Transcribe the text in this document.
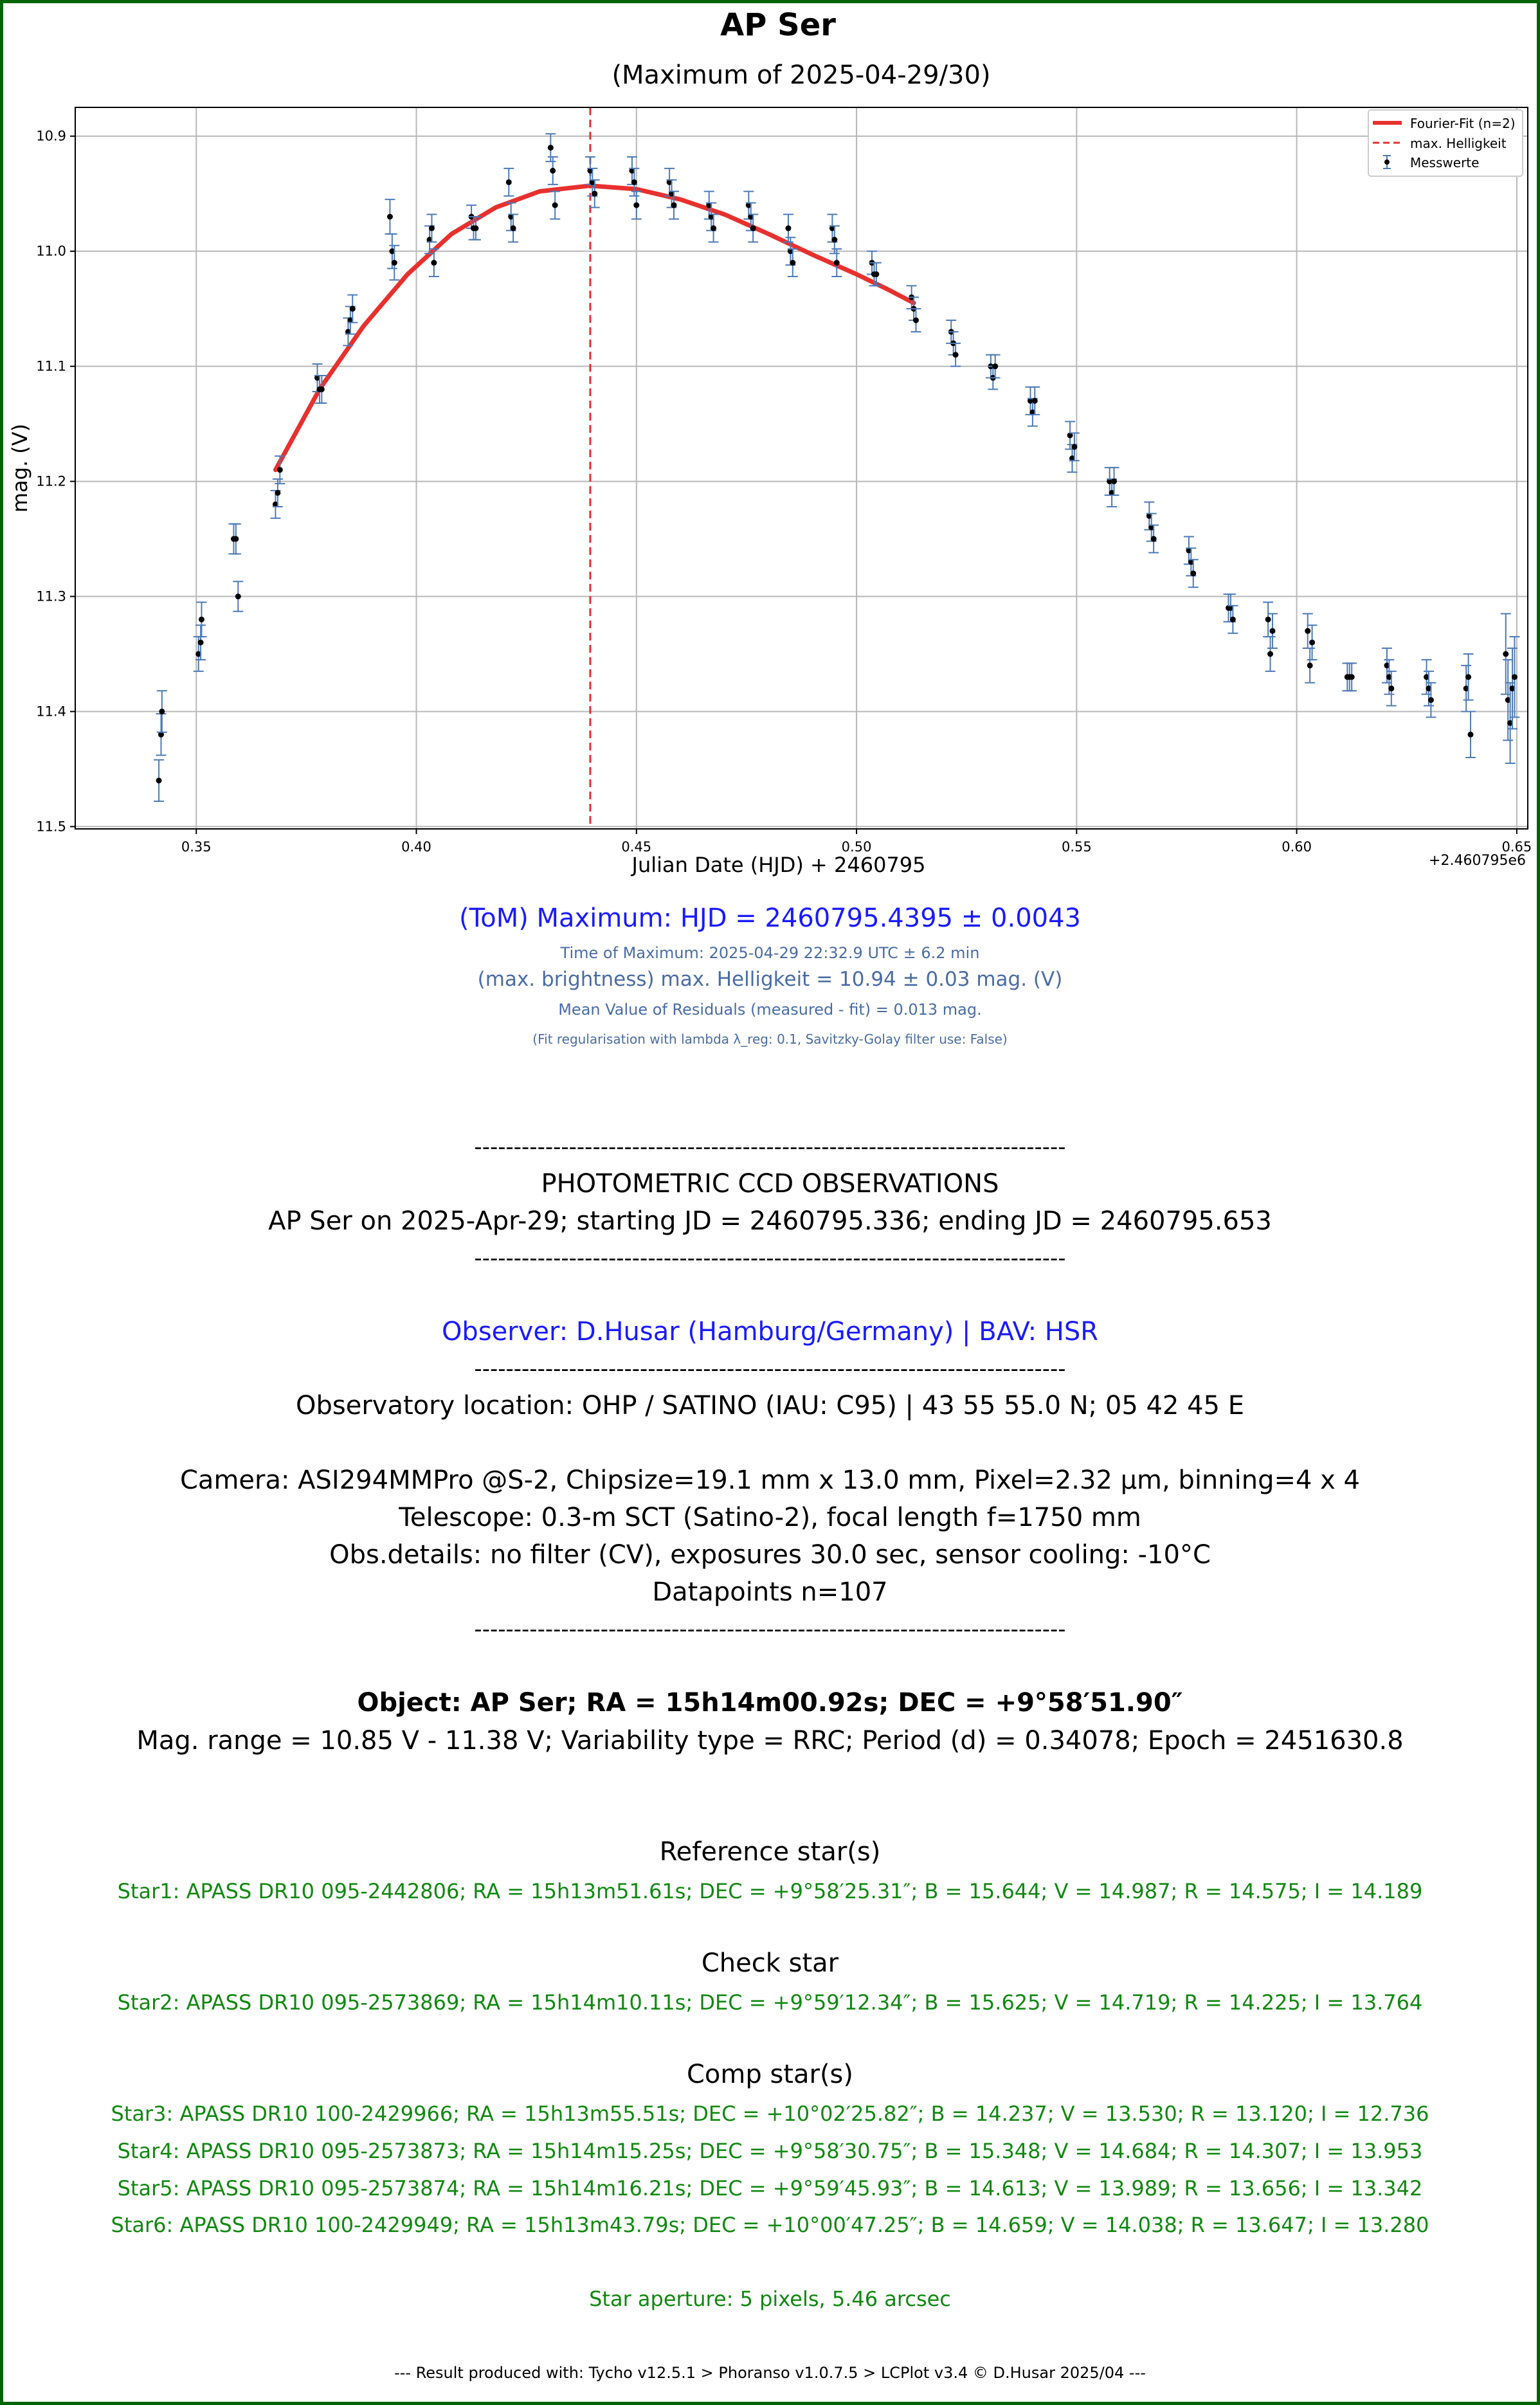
AP Ser
(Maximum of 2025-04-29/30)
0.35	0.40	0.45	0.50	0.55	0.60	0.65
10.9
11.0
11.1
11.2
11.3
11.4
11.5
Julian Date (HJD) + 2460795	+2.460795e6
mag. (V)
Fourier-Fit (n=2)
max. Helligkeit
Messwerte
(ToM) Maximum: HJD = 2460795.4395 ± 0.0043
Time of Maximum: 2025-04-29 22:32.9 UTC ± 6.2 min
(max. brightness) max. Helligkeit = 10.94 ± 0.03 mag. (V)
Mean Value of Residuals (measured - fit) = 0.013 mag.
(Fit regularisation with lambda λ_reg: 0.1, Savitzky-Golay filter use: False)
---------------------------------------------------------------------------
PHOTOMETRIC CCD OBSERVATIONS
AP Ser on 2025-Apr-29; starting JD = 2460795.336; ending JD = 2460795.653
---------------------------------------------------------------------------
Observer: D.Husar (Hamburg/Germany) | BAV: HSR
---------------------------------------------------------------------------
Observatory location: OHP / SATINO (IAU: C95) | 43 55 55.0 N; 05 42 45 E
Camera: ASI294MMPro @S-2, Chipsize=19.1 mm x 13.0 mm, Pixel=2.32 µm, binning=4 x 4
Telescope: 0.3-m SCT (Satino-2), focal length f=1750 mm
Obs.details: no filter (CV), exposures 30.0 sec, sensor cooling: -10°C
Datapoints n=107
---------------------------------------------------------------------------
Object: AP Ser; RA = 15h14m00.92s; DEC = +9°58′51.90″
Mag. range = 10.85 V - 11.38 V; Variability type = RRC; Period (d) = 0.34078; Epoch = 2451630.8
Reference star(s)
Star1: APASS DR10 095-2442806; RA = 15h13m51.61s; DEC = +9°58′25.31″; B = 15.644; V = 14.987; R = 14.575; I = 14.189
Check star
Star2: APASS DR10 095-2573869; RA = 15h14m10.11s; DEC = +9°59′12.34″; B = 15.625; V = 14.719; R = 14.225; I = 13.764
Comp star(s)
Star3: APASS DR10 100-2429966; RA = 15h13m55.51s; DEC = +10°02′25.82″; B = 14.237; V = 13.530; R = 13.120; I = 12.736
Star4: APASS DR10 095-2573873; RA = 15h14m15.25s; DEC = +9°58′30.75″; B = 15.348; V = 14.684; R = 14.307; I = 13.953
Star5: APASS DR10 095-2573874; RA = 15h14m16.21s; DEC = +9°59′45.93″; B = 14.613; V = 13.989; R = 13.656; I = 13.342
Star6: APASS DR10 100-2429949; RA = 15h13m43.79s; DEC = +10°00′47.25″; B = 14.659; V = 14.038; R = 13.647; I = 13.280
Star aperture: 5 pixels, 5.46 arcsec
--- Result produced with: Tycho v12.5.1 > Phoranso v1.0.7.5 > LCPlot v3.4 © D.Husar 2025/04 ---
